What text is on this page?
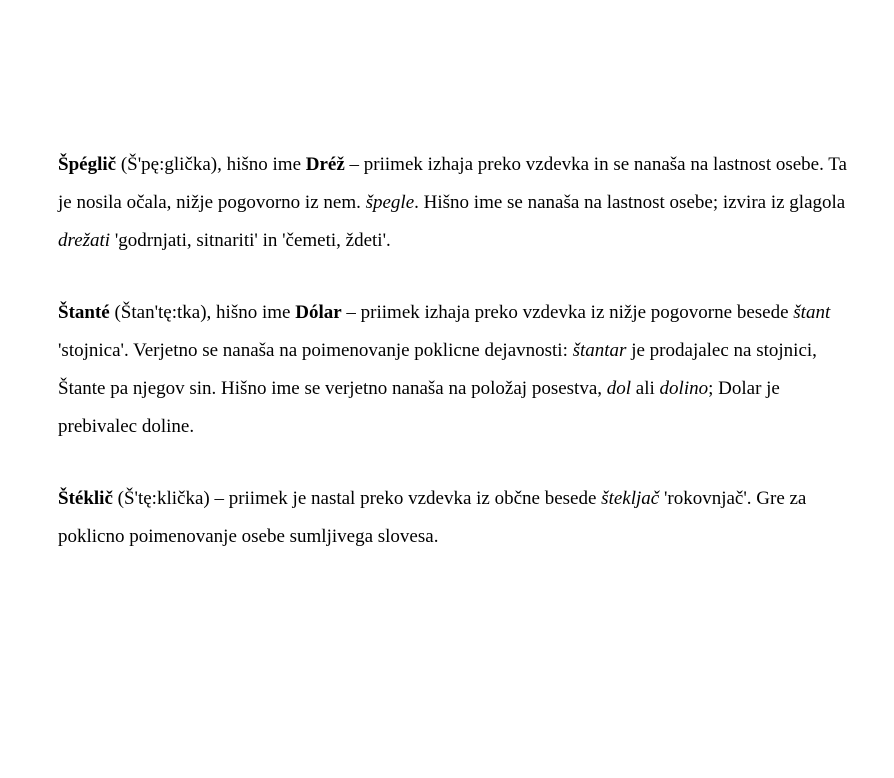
Špéglič (Š'pę:glička), hišno ime Dréž – priimek izhaja preko vzdevka in se nanaša na lastnost osebe. Ta je nosila očala, nižje pogovorno iz nem. špegle. Hišno ime se nanaša na lastnost osebe; izvira iz glagola drežati 'godrnjati, sitnariti' in 'čemeti, ždeti'.

Štanté (Štan'tę:tka), hišno ime Dólar – priimek izhaja preko vzdevka iz nižje pogovorne besede štant 'stojnica'. Verjetno se nanaša na poimenovanje poklicne dejavnosti: štantar je prodajalec na stojnici, Štante pa njegov sin. Hišno ime se verjetno nanaša na položaj posestva, dol ali dolino; Dolar je prebivalec doline.

Štéklič (Š'tę:klička) – priimek je nastal preko vzdevka iz občne besede štekljač 'rokovnjač'. Gre za poklicno poimenovanje osebe sumljivega slovesa.
